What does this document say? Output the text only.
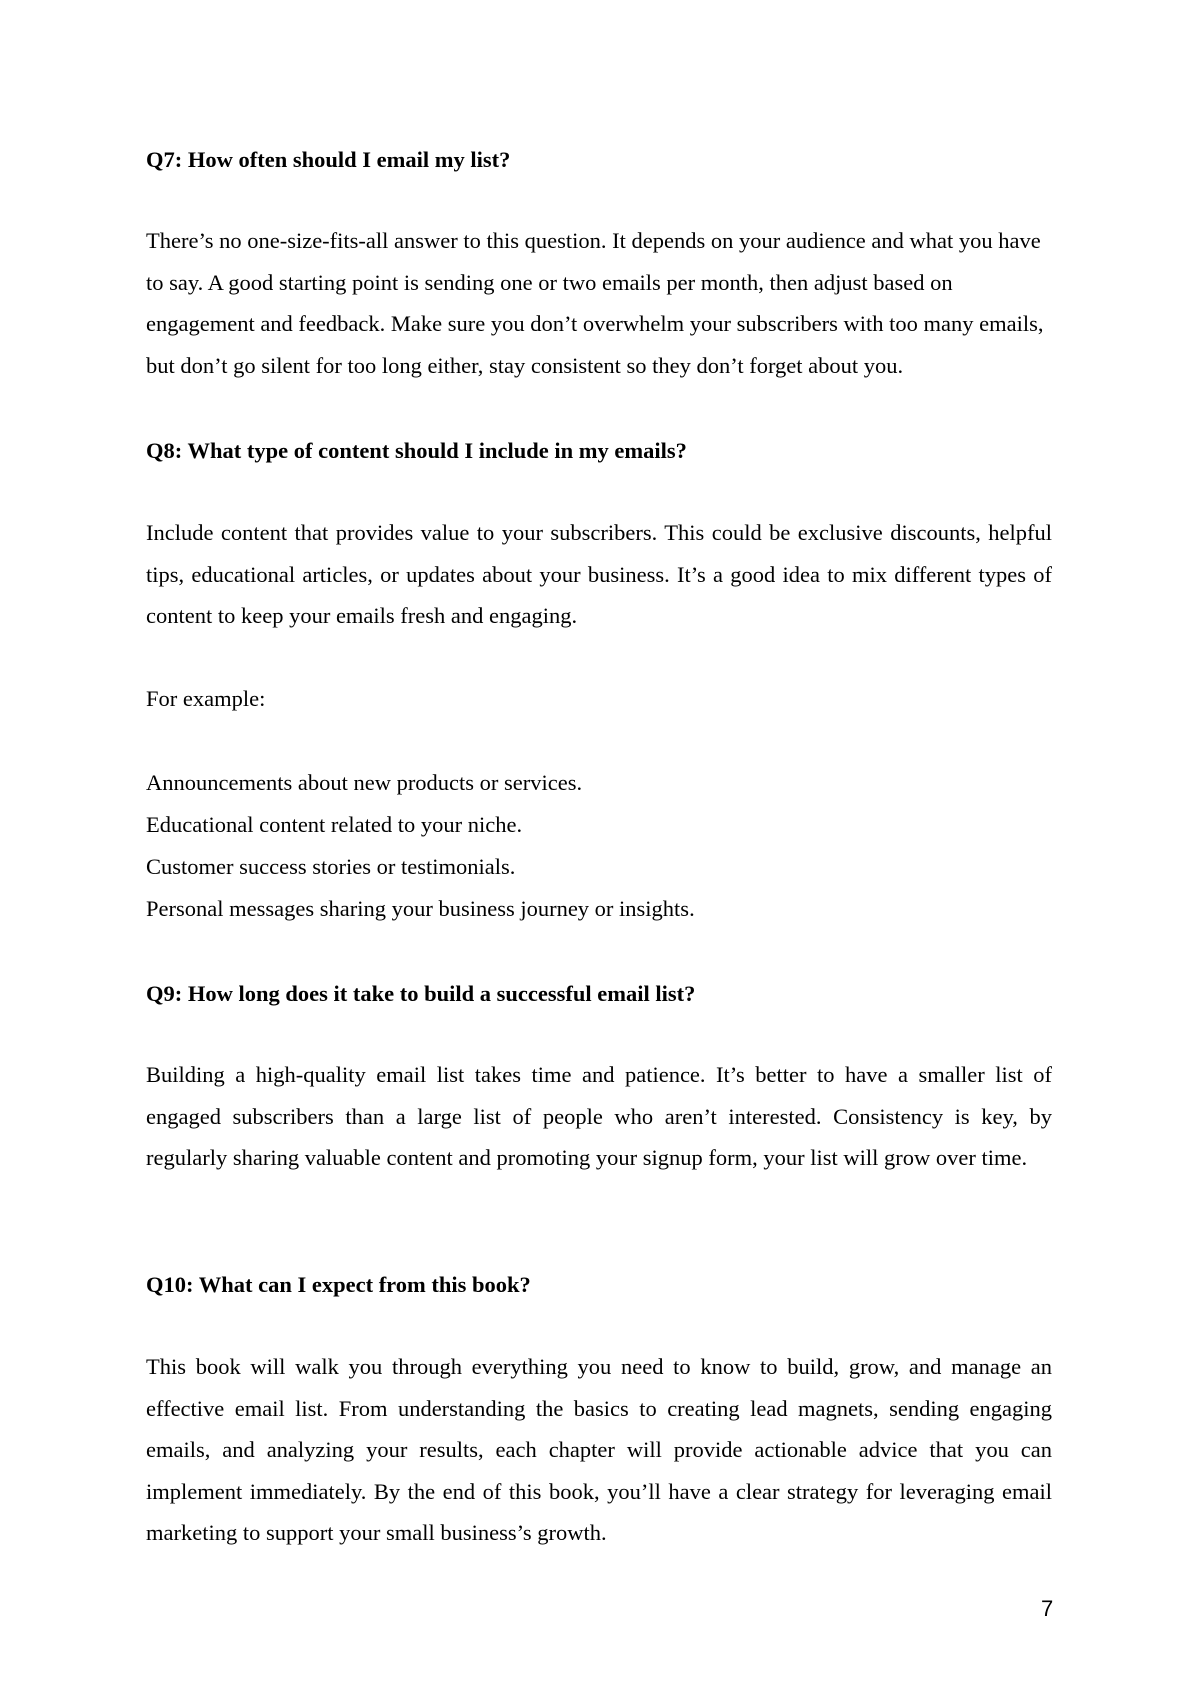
Q7: How often should I email my list?

There’s no one-size-fits-all answer to this question. It depends on your audience and what you have to say. A good starting point is sending one or two emails per month, then adjust based on engagement and feedback. Make sure you don’t overwhelm your subscribers with too many emails, but don’t go silent for too long either, stay consistent so they don’t forget about you.

Q8: What type of content should I include in my emails?

Include content that provides value to your subscribers. This could be exclusive discounts, helpful tips, educational articles, or updates about your business. It’s a good idea to mix different types of content to keep your emails fresh and engaging.

For example:

Announcements about new products or services.

Educational content related to your niche.

Customer success stories or testimonials.

Personal messages sharing your business journey or insights.

Q9: How long does it take to build a successful email list?

Building a high-quality email list takes time and patience. It’s better to have a smaller list of engaged subscribers than a large list of people who aren’t interested. Consistency is key, by regularly sharing valuable content and promoting your signup form, your list will grow over time.

Q10: What can I expect from this book?

This book will walk you through everything you need to know to build, grow, and manage an effective email list. From understanding the basics to creating lead magnets, sending engaging emails, and analyzing your results, each chapter will provide actionable advice that you can implement immediately. By the end of this book, you’ll have a clear strategy for leveraging email marketing to support your small business’s growth.

7
